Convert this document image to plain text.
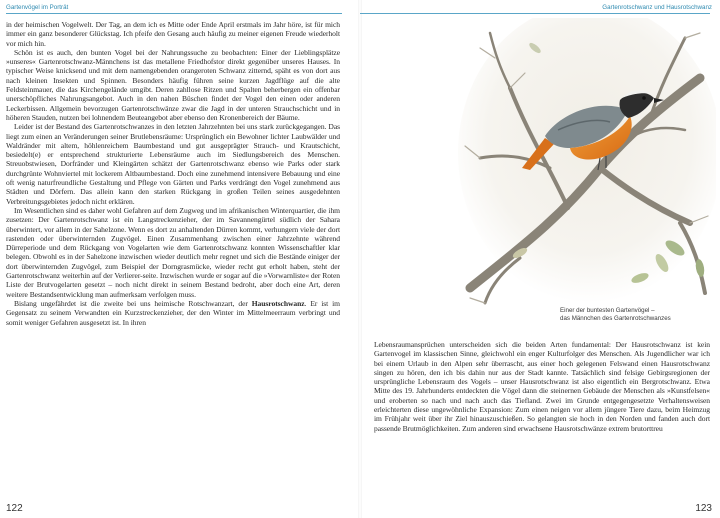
Gartenvögel im Porträt

in der heimischen Vogelwelt. Der Tag, an dem ich es Mitte oder Ende April erstmals im Jahr höre, ist für mich immer ein ganz besonderer Glückstag. Ich pfeife den Gesang auch häufig zu meiner eigenen Freude wiederholt vor mich hin.

Schön ist es auch, den bunten Vogel bei der Nahrungssuche zu beobachten: Einer der Lieblingsplätze »unseres« Gartenrotschwanz-Männchens ist das metallene Friedhofstor direkt gegenüber unseres Hauses. In typischer Weise knicksend und mit dem namengebenden orangeroten Schwanz zitternd, späht es von dort aus nach kleinen Insekten und Spinnen. Besonders häufig führen seine kurzen Jagdflüge auf die alte Feldsteinmauer, die das Kirchengelände umgibt. Deren zahllose Ritzen und Spalten beherbergen ein offenbar unerschöpfliches Nahrungsangebot. Auch in den nahen Büschen findet der Vogel den einen oder anderen Leckerbissen. Allgemein bevorzugen Gartenrotschwänze zwar die Jagd in der unteren Strauchschicht und in höheren Stauden, nutzen bei lohnendem Beuteangebot aber ebenso den Kronenbereich der Bäume.

Leider ist der Bestand des Gartenrotschwanzes in den letzten Jahrzehnten bei uns stark zurückgegangen. Das liegt zum einen an Veränderungen seiner Brutlebensräume: Ursprünglich ein Bewohner lichter Laubwälder und Waldränder mit altem, höhlenreichem Baumbestand und gut ausgeprägter Strauch- und Krautschicht, besiedelt(e) er entsprechend strukturierte Lebensräume auch im Siedlungsbereich des Menschen. Streuobstwiesen, Dorfränder und Kleingärten schätzt der Gartenrotschwanz ebenso wie Parks oder stark durchgrünte Wohnviertel mit lockerem Altbaumbestand. Doch eine zunehmend intensivere Bebauung und eine oft wenig naturfreundliche Gestaltung und Pflege von Gärten und Parks verdrängt den Vogel zunehmend aus Städten und Dörfern. Das allein kann den starken Rückgang in großen Teilen seines ausgedehnten Verbreitungsgebietes jedoch nicht erklären.

Im Wesentlichen sind es daher wohl Gefahren auf dem Zugweg und im afrikanischen Winterquartier, die ihm zusetzen: Der Gartenrotschwanz ist ein Langstreckenzieher, der im Savannengürtel südlich der Sahara überwintert, vor allem in der Sahelzone. Wenn es dort zu anhaltenden Dürren kommt, verhungern viele der dort rastenden oder überwinternden Zugvögel. Einen Zusammenhang zwischen einer Jahrzehnte während Dürreperiode und dem Rückgang von Vogelarten wie dem Gartenrotschwanz konnten Wissenschaftler klar belegen. Obwohl es in der Sahelzone inzwischen wieder deutlich mehr regnet und sich die Bestände einiger der dort überwinternden Zugvögel, zum Beispiel der Dorngrasmücke, wieder recht gut erholt haben, steht der Gartenrotschwanz weiterhin auf der Verlierer-seite. Inzwischen wurde er sogar auf die »Vorwarnliste« der Roten Liste der Brutvogelarten gesetzt – noch nicht direkt in seinem Bestand bedroht, aber doch eine Art, deren weitere Bestandsentwicklung man aufmerksam verfolgen muss.

Bislang ungefährdet ist die zweite bei uns heimische Rotschwanzart, der Hausrotschwanz. Er ist im Gegensatz zu seinem Verwandten ein Kurzstreckenzieher, der den Winter im Mittelmeerraum verbringt und somit weniger Gefahren ausgesetzt ist. In ihren

122
Gartenrotschwanz und Hausrotschwanz
Einer der buntesten Gartenvögel –
das Männchen des Gartenrotschwanzes

Lebensraumansprüchen unterscheiden sich die beiden Arten fundamental: Der Hausrotschwanz ist kein Gartenvogel im klassischen Sinne, gleichwohl ein enger Kulturfolger des Menschen. Als Jugendlicher war ich bei einem Urlaub in den Alpen sehr überrascht, aus einer hoch gelegenen Felswand einen Hausrotschwanz singen zu hören, den ich bis dahin nur aus der Stadt kannte. Tatsächlich sind felsige Gebirgsregionen der ursprüngliche Lebensraum des Vogels – unser Hausrotschwanz ist also eigentlich ein Bergrotschwanz. Etwa Mitte des 19. Jahrhunderts entdeckten die Vögel dann die steinernen Gebäude der Menschen als »Kunstfelsen« und eroberten so nach und nach auch das Tiefland. Zwei im Grunde entgegengesetzte Verhaltensweisen erleichterten diese ungewöhnliche Expansion: Zum einen neigen vor allem jüngere Tiere dazu, beim Heimzug im Frühjahr weit über ihr Ziel hinauszuschießen. So gelangten sie hoch in den Norden und fanden auch dort passende Brutmöglichkeiten. Zum anderen sind erwachsene Hausrotschwänze extrem brutorttreu

123
